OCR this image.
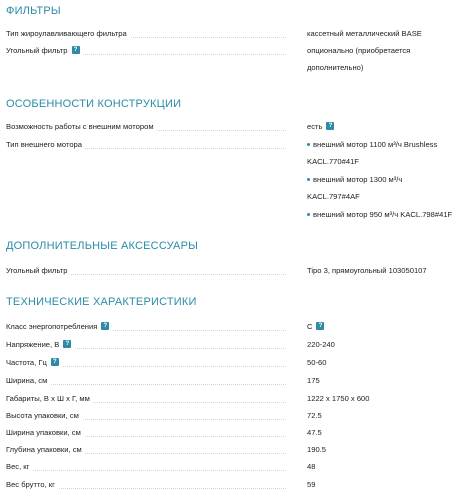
ФИЛЬТРЫ
Тип жироулавливающего фильтра	кассетный металлический BASE
Угольный фильтр ?	опционально (приобретается
дополнительно)
ОСОБЕННОСТИ КОНСТРУКЦИИ
Возможность работы с внешним мотором	есть ?
Тип внешнего мотора	внешний мотор 1100 м³/ч Brushless
KACL.770#41F
внешний мотор 1300 м³/ч
KACL.797#4AF
внешний мотор 950 м³/ч KACL.798#41F
ДОПОЛНИТЕЛЬНЫЕ АКСЕССУАРЫ
Угольный фильтр	Tipo 3, прямоугольный 103050107
ТЕХНИЧЕСКИЕ ХАРАКТЕРИСТИКИ
Класс энергопотребления ?	C ?
Напряжение, В ?	220-240
Частота, Гц ?	50-60
Ширина, см	175
Габариты, В х Ш х Г, мм	1222 x 1750 x 600
Высота упаковки, см	72.5
Ширина упаковки, см	47.5
Глубина упаковки, см	190.5
Вес, кг	48
Вес брутто, кг	59
